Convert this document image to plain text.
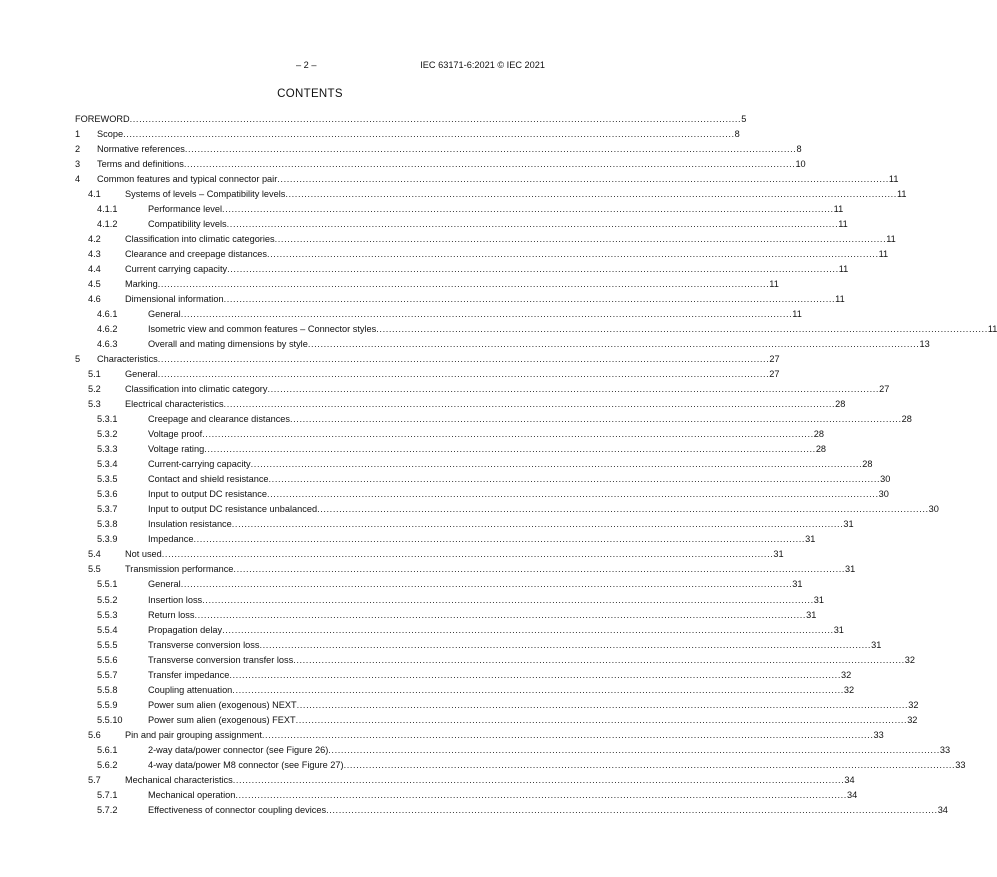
– 2 –	IEC 63171-6:2021 © IEC 2021
CONTENTS
FOREWORD .................................................................................................................................................................................................. 5
1 Scope .................................................................................................................................................................................................. 8
2 Normative references .................................................................................................................................................................................................. 8
3 Terms and definitions .................................................................................................................................................................................................. 10
4 Common features and typical connector pair .................................................................................................................................................................................................. 11
4.1	Systems of levels – Compatibility levels .................................................................................................................................................................................................. 11
4.1.1	Performance level .................................................................................................................................................................................................. 11
4.1.2	Compatibility levels .................................................................................................................................................................................................. 11
4.2	Classification into climatic categories .................................................................................................................................................................................................. 11
4.3	Clearance and creepage distances .................................................................................................................................................................................................. 11
4.4	Current carrying capacity .................................................................................................................................................................................................. 11
4.5	Marking .................................................................................................................................................................................................. 11
4.6	Dimensional information .................................................................................................................................................................................................. 11
4.6.1	General .................................................................................................................................................................................................. 11
4.6.2	Isometric view and common features – Connector styles .................................................................................................................................................................................................. 11
4.6.3	Overall and mating dimensions by style .................................................................................................................................................................................................. 13
5 Characteristics .................................................................................................................................................................................................. 27
5.1	General .................................................................................................................................................................................................. 27
5.2	Classification into climatic category .................................................................................................................................................................................................. 27
5.3	Electrical characteristics .................................................................................................................................................................................................. 28
5.3.1	Creepage and clearance distances .................................................................................................................................................................................................. 28
5.3.2	Voltage proof .................................................................................................................................................................................................. 28
5.3.3	Voltage rating .................................................................................................................................................................................................. 28
5.3.4	Current-carrying capacity .................................................................................................................................................................................................. 28
5.3.5	Contact and shield resistance .................................................................................................................................................................................................. 30
5.3.6	Input to output DC resistance .................................................................................................................................................................................................. 30
5.3.7	Input to output DC resistance unbalanced .................................................................................................................................................................................................. 30
5.3.8	Insulation resistance .................................................................................................................................................................................................. 31
5.3.9	Impedance .................................................................................................................................................................................................. 31
5.4	Not used .................................................................................................................................................................................................. 31
5.5	Transmission performance .................................................................................................................................................................................................. 31
5.5.1	General .................................................................................................................................................................................................. 31
5.5.2	Insertion loss .................................................................................................................................................................................................. 31
5.5.3	Return loss .................................................................................................................................................................................................. 31
5.5.4	Propagation delay .................................................................................................................................................................................................. 31
5.5.5	Transverse conversion loss .................................................................................................................................................................................................. 31
5.5.6	Transverse conversion transfer loss .................................................................................................................................................................................................. 32
5.5.7	Transfer impedance .................................................................................................................................................................................................. 32
5.5.8	Coupling attenuation .................................................................................................................................................................................................. 32
5.5.9	Power sum alien (exogenous) NEXT .................................................................................................................................................................................................. 32
5.5.10	Power sum alien (exogenous) FEXT .................................................................................................................................................................................................. 32
5.6	Pin and pair grouping assignment .................................................................................................................................................................................................. 33
5.6.1	2-way data/power connector (see Figure 26) .................................................................................................................................................................................................. 33
5.6.2	4-way data/power M8 connector (see Figure 27) .................................................................................................................................................................................................. 33
5.7	Mechanical characteristics .................................................................................................................................................................................................. 34
5.7.1	Mechanical operation .................................................................................................................................................................................................. 34
5.7.2	Effectiveness of connector coupling devices .................................................................................................................................................................................................. 34
